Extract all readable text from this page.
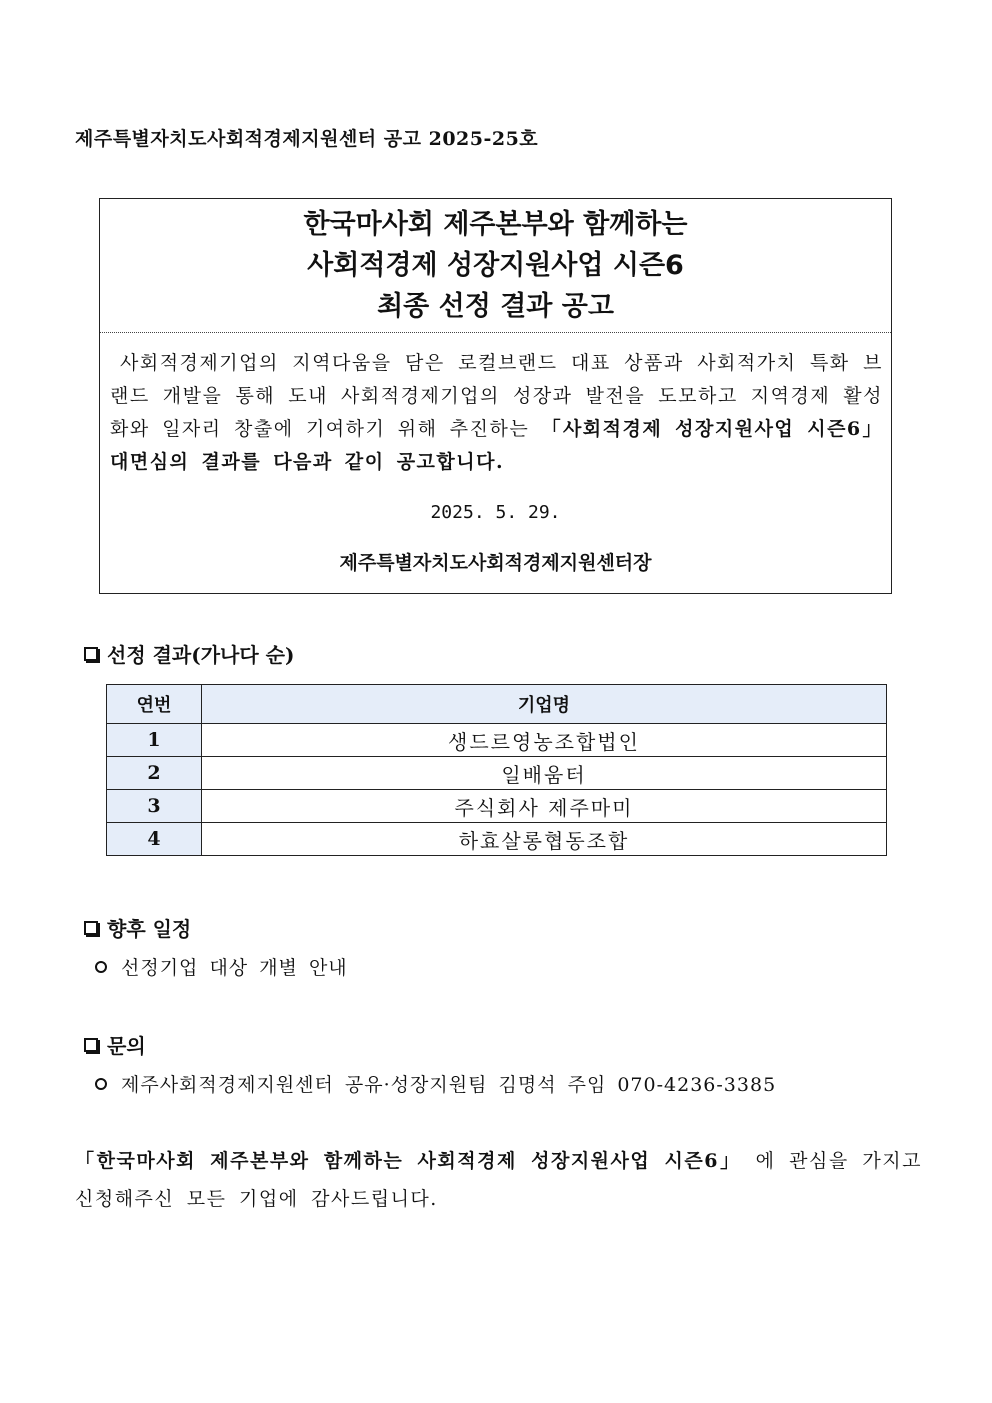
제주특별자치도사회적경제지원센터 공고 2025-25호
한국마사회 제주본부와 함께하는
사회적경제 성장지원사업 시즌6
최종 선정 결과 공고
사회적경제기업의 지역다움을 담은 로컬브랜드 대표 상품과 사회적가치 특화 브랜드 개발을 통해 도내 사회적경제기업의 성장과 발전을 도모하고 지역경제 활성화와 일자리 창출에 기여하기 위해 추진하는 「사회적경제 성장지원사업 시즌6」 대면심의 결과를 다음과 같이 공고합니다.
2025. 5. 29.
제주특별자치도사회적경제지원센터장
선정 결과(가나다 순)
연번	기업명
1	생드르영농조합법인
2	일배움터
3	주식회사 제주마미
4	하효살롱협동조합
향후 일정
선정기업 대상 개별 안내
문의
제주사회적경제지원센터 공유·성장지원팀 김명석 주임 070-4236-3385
「한국마사회 제주본부와 함께하는 사회적경제 성장지원사업 시즌6」 에 관심을 가지고 신청해주신 모든 기업에 감사드립니다.
